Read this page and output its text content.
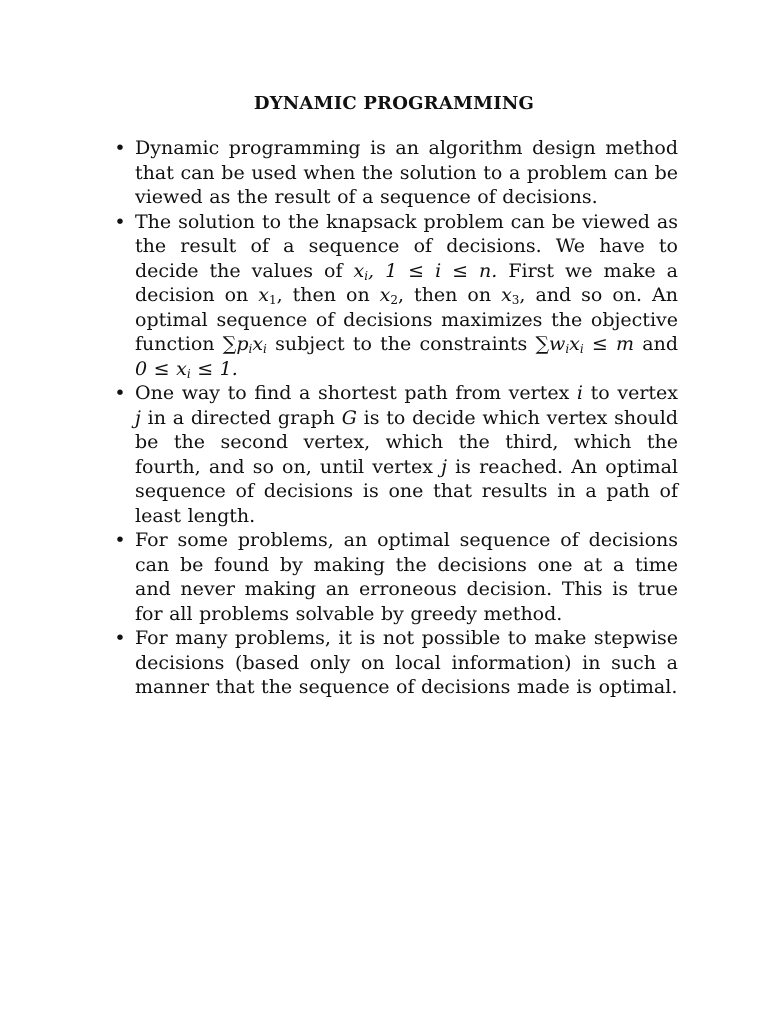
DYNAMIC PROGRAMMING
• Dynamic programming is an algorithm design method that can be used when the solution to a problem can be viewed as the result of a sequence of decisions.
• The solution to the knapsack problem can be viewed as the result of a sequence of decisions. We have to decide the values of $x_i$, 1 ≤ i ≤ n. First we make a decision on $x_1$, then on $x_2$, then on $x_3$, and so on. An optimal sequence of decisions maximizes the objective function $\sum p_ix_i$ subject to the constraints $\sum w_ix_i \le m$ and $0 \le x_i \le 1$.
• One way to find a shortest path from vertex i to vertex j in a directed graph G is to decide which vertex should be the second vertex, which the third, which the fourth, and so on, until vertex j is reached. An optimal sequence of decisions is one that results in a path of least length.
• For some problems, an optimal sequence of decisions can be found by making the decisions one at a time and never making an erroneous decision. This is true for all problems solvable by greedy method.
• For many problems, it is not possible to make stepwise decisions (based only on local information) in such a manner that the sequence of decisions made is optimal.
